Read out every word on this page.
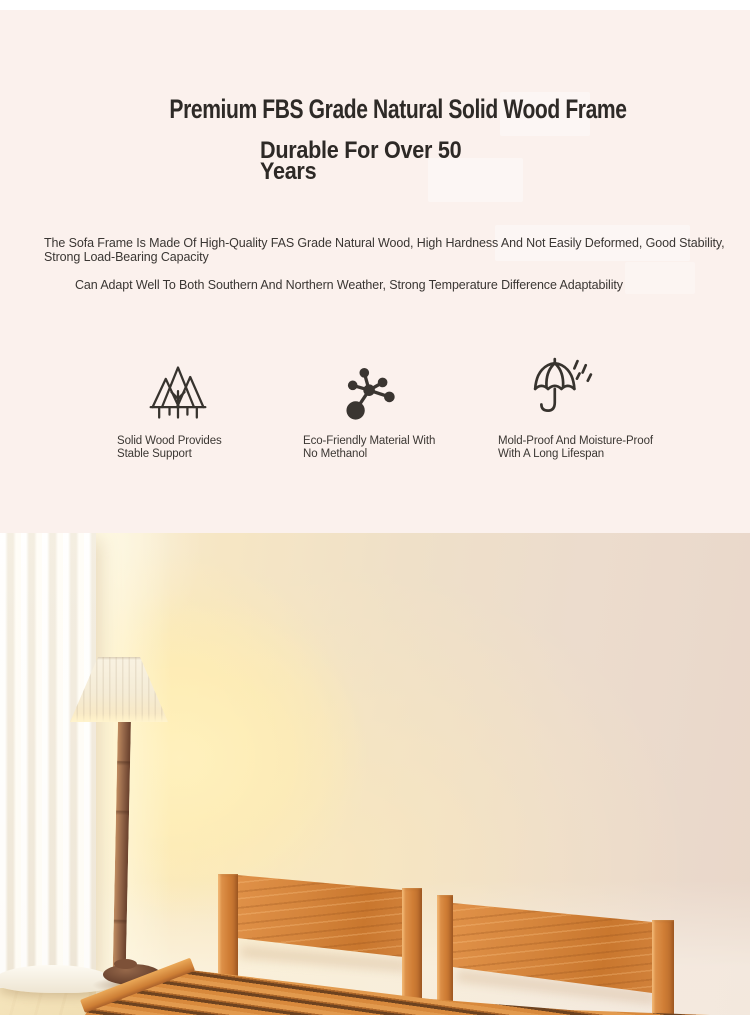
Premium FBS Grade Natural Solid Wood Frame
Durable For Over 50
Years

The Sofa Frame Is Made Of High-Quality FAS Grade Natural Wood, High Hardness And Not Easily Deformed, Good Stability,
Strong Load-Bearing Capacity

Can Adapt Well To Both Southern And Northern Weather, Strong Temperature Difference Adaptability

Solid Wood Provides
Stable Support
Eco-Friendly Material With
No Methanol
Mold-Proof And Moisture-Proof
With A Long Lifespan
